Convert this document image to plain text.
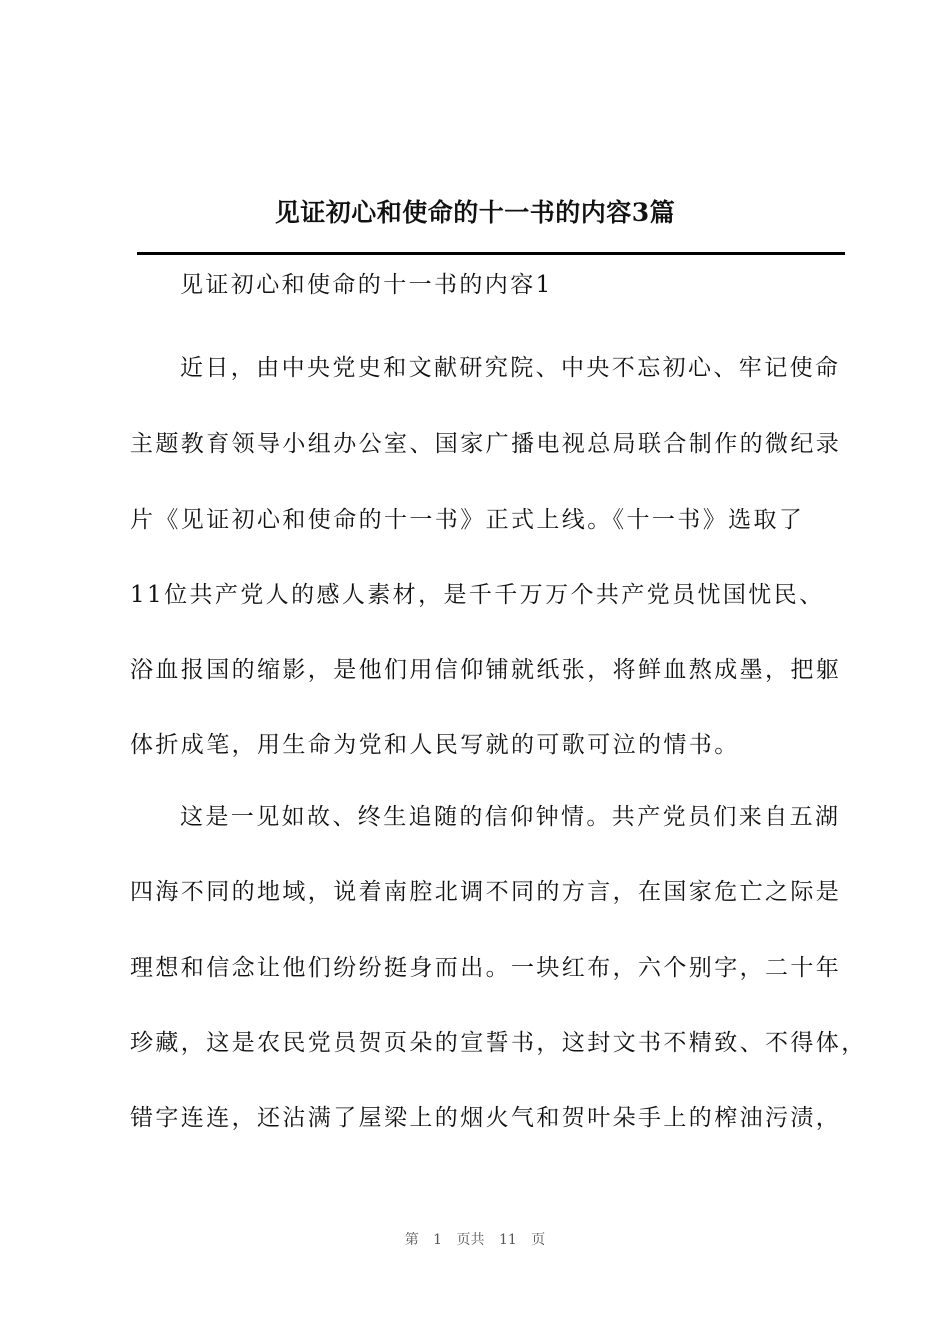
见证初心和使命的十一书的内容3篇
见证初心和使命的十一书的内容1
近日，由中央党史和文献研究院、中央不忘初心、牢记使命
主题教育领导小组办公室、国家广播电视总局联合制作的微纪录
片《见证初心和使命的十一书》正式上线。《十一书》选取了
11位共产党人的感人素材，是千千万万个共产党员忧国忧民、
浴血报国的缩影，是他们用信仰铺就纸张，将鲜血熬成墨，把躯
体折成笔，用生命为党和人民写就的可歌可泣的情书。
这是一见如故、终生追随的信仰钟情。共产党员们来自五湖
四海不同的地域，说着南腔北调不同的方言，在国家危亡之际是
理想和信念让他们纷纷挺身而出。一块红布，六个别字，二十年
珍藏，这是农民党员贺页朵的宣誓书，这封文书不精致、不得体，
错字连连，还沾满了屋梁上的烟火气和贺叶朵手上的榨油污渍，
第 1 页共 11 页
